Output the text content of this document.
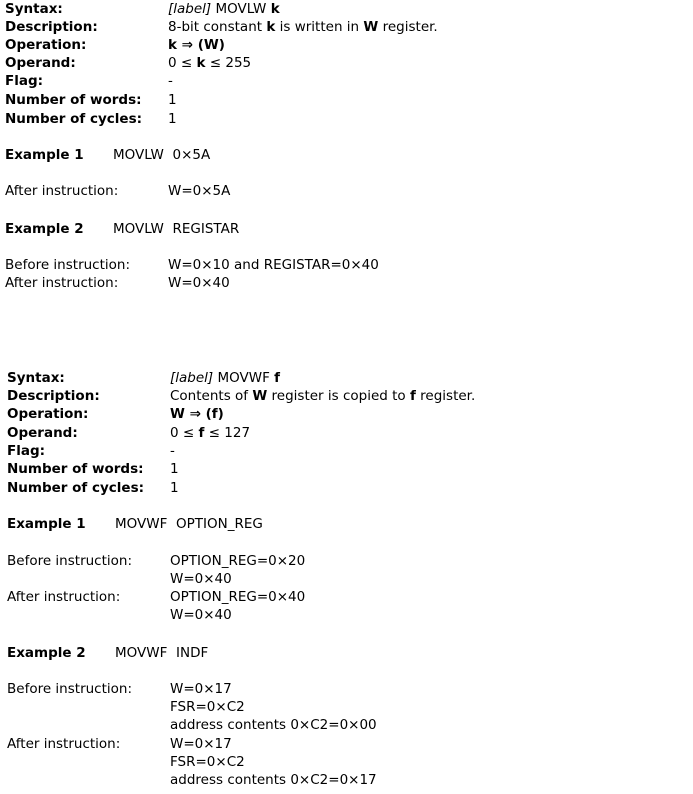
Syntax:	[label] MOVLW k
Description:	8-bit constant k is written in W register.
Operation:	k ⇒ (W)
Operand:	0 ≤ k ≤ 255
Flag:	-
Number of words: 1
Number of cycles: 1
Example 1 MOVLW 0×5A
After instruction:	W=0×5A
Example 2 MOVLW REGISTAR
Before instruction:	W=0×10 and REGISTAR=0×40
After instruction:	W=0×40
Syntax:	[label] MOVWF f
Description:	Contents of W register is copied to f register.
Operation:	W ⇒ (f)
Operand:	0 ≤ f ≤ 127
Flag:	-
Number of words: 1
Number of cycles: 1
Example 1 MOVWF OPTION_REG
Before instruction:	OPTION_REG=0×20
W=0×40
After instruction:	OPTION_REG=0×40
W=0×40
Example 2 MOVWF INDF
Before instruction:	W=0×17
FSR=0×C2
address contents 0×C2=0×00
After instruction:	W=0×17
FSR=0×C2
address contents 0×C2=0×17
